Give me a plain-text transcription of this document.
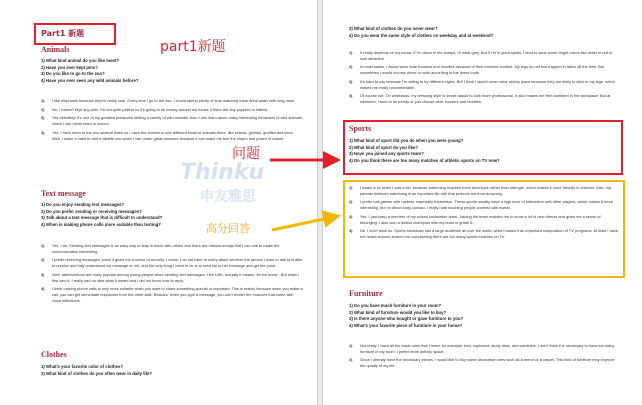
Part1 新题
Animals
1) What kind animal do you like most?
2) Have you ever kept pets?
3) Do you like to go to the zoo?
4) Have you ever seen any wild animals before?
1)	I like elephants because they're really cute. Every time I go to the zoo, I would spend plenty of time watching them drink water with long nose.
2)	No, I haven't kept any pets. I'm not quite patient so it's going to be messy around my house if there are any puppies or kittens.
3)	Yes definitely! It's one of my greatest pleasures seeing a variety of wild animals. Also I can learn about many interesting behaviors of wild animals, which I can never learn in school.
4)	Yes, I have been to the zoo several times so I have the chance to see different kinds of animals there, like zebras, gorillas, giraffes and lions. Well, I make a habit to visit a wildlife zoo when I can under great pressure because it can make me feel the charm and power of nature.
Text message
1) Do you enjoy sending text messages?
2) Do you prefer sending or receiving messages?
3) Talk about a text message that is difficult to understand?
4) When is making phone calls more suitable than texting?
1)	Yes, I do. Sending text messages is an easy way to stay in touch with others and there are various emojis that I can use to make the communication interesting.
2)	I prefer receiving messages, since it gives me a sense of security. I mean, I do not have to worry about whether the person I want to talk to is able to receive and fully understand my message or not, and the only thing I need to do is to read his or her message and get the point.
3)	Well, abbreviations are really popular among young people when sending text messages. Like LMK, actually it means "let me know". But when I first saw it, I really had no idea what it meant and I did not know how to reply.
4)	I think making phone calls is only more suitable when you want to share something special or important. This is mainly because when you make a call, you can get immediate responses from the other side. Besides, when you type a message, you can't render the nuances that come with vocal inflections.
Clothes
1) What's your favorite color of clothes?
2) What kind of clothes do you often wear in daily life?
3) What kind of clothes do you never wear?
4) Do you wear the same style of clothes on weekday and at weekend?
1)	It really depends on my mood. If I'm down in the dumps, I'll wear grey. But if I'm in good spirits, I tend to wear some bright colors like violet or red to look attractive.
2)	In most cases, I would wear wide trousers and hoodies because of their extreme comfort. My legs do not feel trapped in fabric all the time. But sometimes I would choose dress or suits according to the dress code.
3)	It's hard to say because I'm willing to try different styles. But I think I would never wear skinny jeans because they are likely to stick to my legs, which makes me really uncomfortable.
4)	Of course not. On weekdays, my dressing style is smart casual to look more professional. It also makes me feel confident in the workplace. But at weekend, I tend to be trendy or just choose wide trousers and hoodies.
Sports
1) What kind of sport did you do when you were young?
2) What kind of sport do you like?
3) Have you joined any sports team?
4) Do you think there are too many matches of athletic sports on TV now?
1)	I swam a lot when I was a kid, because swimming requires more technique rather than strength, which makes it more friendly to children. Also, my parents believed swimming is an important life skill that protects me from drowning.
2)	I prefer ball games with rackets, especially badminton. These sports usually have a high level of interaction with other players, which makes it more interesting, but no direct body contact. I really hate touching people covered with sweat.
3)	Yes, I (am/was) a member of my school badminton team. Joining the team enables me to know a lot of new friends and gives me a sense of belonging. I also won a district champion with my team in grade 8.
4)	No, I don't think so. Sports broadcast has a large audience all over the world, which makes it an important composition of TV programs. At least I have not heard anyone around me complaining there are too many sports matches on TV.
Furniture
1) Do you have much furniture in your room?
2) What kind of furniture would you like to buy?
3) Is there anyone who bought or gave furniture to you?
4) What's your favorite piece of furniture in your home?
1)	Not really. I have all the basic ones that I need, for example, bed, cupboard, study desk, and wardrobe. I don't think it is necessary to have too many furniture in my room. I prefer more activity space.
2)	Since I already have the necessary pieces, I would like to buy some decorative ones such as a mirror or a carpet. This kind of furniture may improve the quality of my life.
Thinku
申友雅思
part1新题
问题
高分回答
